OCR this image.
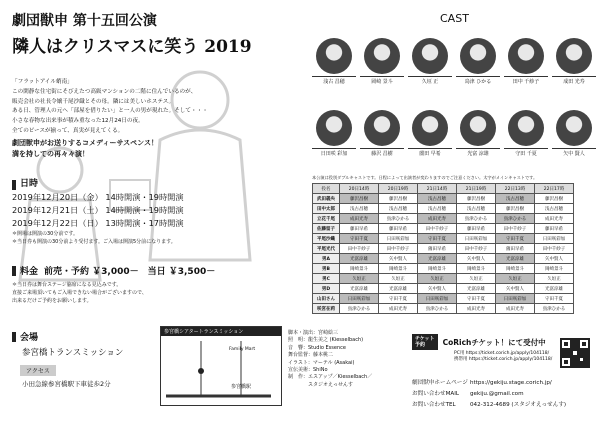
劇団獣申 第十五回公演
隣人はクリスマスに笑う 2019

「フラットアイル蛸南」

この閑静な住宅街にそびえたつ高級マンションの二階に住んでいるのが、

販売会社の社長令嬢千尾沙織とその母。隣には美しいホステス。

ある日、管理人の元へ「部屋を借りたい」と一人の男が現れた。そして・・・

小さな春物な出来事が積み重なった12月24日の夜。

全てのピースが揃って、真実が見えてくる。

劇団獣申がお送りするコメディーサスペンス！

満を持しての再々々演！

日時
2019年12月20日（金） 14時開演・19時開演
2019年12月21日（土） 14時開演・19時開演
2019年12月22日（日） 13時開演・17時開演
＊開場は開演の30分前です。
＊当日券も開演の30分前より受付ます。ご入場は開演5分前になります。
料金 前売・予約 ￥3,000－　当日 ￥3,500－
＊当日券は舞台ステージ脇席になる見込みです。
直接ご来場頂いてもご入場できない場合がございますので、
出来るだけご予約をお願いします。
会場
参宮橋トランスミッション
アクセス
小田急線参宮橋駅下車徒歩2分
参宮橋シアタートランスミッション
Family Mart
参宮橋駅
脚本・演出：宮崎絵三
照　明：龍生美之 (Kiesselbach)
音　響：Studio Essence
舞台監督：藤本桃二
イラスト：マーテル (Asakai)
宣伝美術：ShiNo
制　作：エスアップ／Kiesselbach／
　　　　スタジオえっせんす
チケット
予約	CoRichチケット！にて受付中
PC用 https://ticket.corich.jp/apply/104118/
携帯用 https://ticket.corich.jp/apply/104118/
劇団獣申ホームページ https://gekiju.stage.corich.jp/
お問い合わせMAIL gekiju.@gmail.com
お問い合わせTEL	042-312-4689 (スタジオえっせんす)
CAST
浅古 昌穂	岡崎 景斗	久垣 正	鳥津 ひかる	田中 千紗子	成田 光寿
日田咲 彩加	藤沢 昌樹	薗田 早希	光富 涼雄	守田 千夏	矢中 賢人
本公演は役別ダブルキャストです。日程によって出演者が変わりますのでご注意ください。太字がメインキャストです。
役名	20日14時	20日19時	21日14時	21日19時	22日13時	22日17時
武田義央	藤沢昌樹	藤沢昌樹	浅古昌穂	藤沢昌樹	浅古昌穂	藤沢昌樹
田中太郎	浅古昌穂	浅古昌穂	浅古昌穂	浅古昌穂	藤沢昌樹	浅古昌穂
立花千尾	成田光寿	鳥津ひかる	成田光寿	鳥津ひかる	鳥津ひかる	成田光寿
佐藤留子	藤田早希	藤田早希	田中千紗子	藤田早希	田中千紗子	藤田早希
平尾沙織	守田千夏	日田咲彩加	守田千夏	日田咲彩加	守田千夏	日田咲彩加
平尾光代	田中千紗子	田中千紗子	薗田早希	田中千紗子	薗田早希	田中千紗子
男A	光富涼雄	矢中賢人	光富涼雄	矢中賢人	光富涼雄	矢中賢人
男B	岡崎景斗	岡崎景斗	岡崎景斗	岡崎景斗	岡崎景斗	岡崎景斗
男C	久垣正	久垣正	久垣正	久垣正	久垣正	久垣正
男D	光富涼雄	光富涼雄	矢中賢人	光富涼雄	矢中賢人	光富涼雄
山田さん	日田咲彩加	守田千夏	日田咲彩加	守田千夏	日田咲彩加	守田千夏
咲宮在莉	鳥津ひかる	成田光寿	鳥津ひかる	成田光寿	成田光寿	鳥津ひかる
